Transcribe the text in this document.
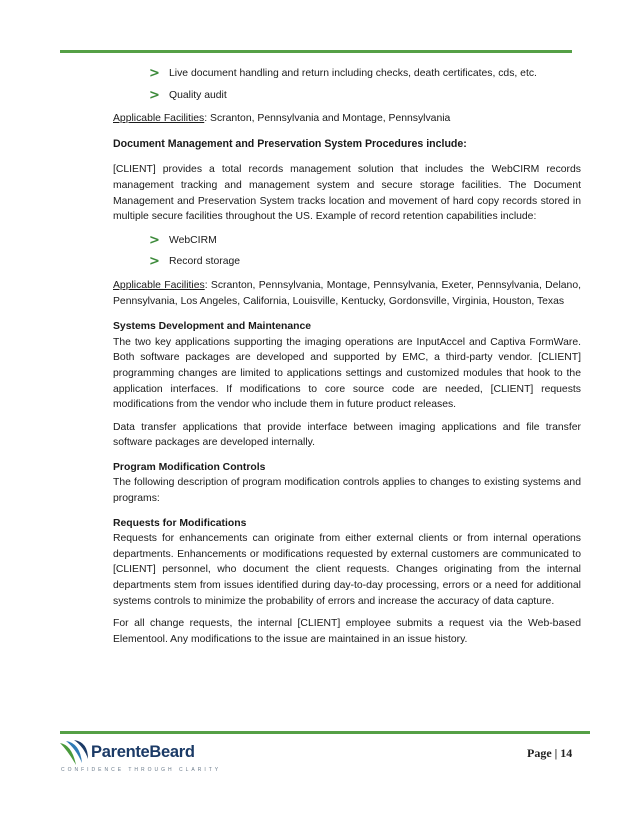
> Live document handling and return including checks, death certificates, cds, etc.
> Quality audit

Applicable Facilities: Scranton, Pennsylvania and Montage, Pennsylvania

Document Management and Preservation System Procedures include:

[CLIENT] provides a total records management solution that includes the WebCIRM records management tracking and management system and secure storage facilities. The Document Management and Preservation System tracks location and movement of hard copy records stored in multiple secure facilities throughout the US. Example of record retention capabilities include:

> WebCIRM
> Record storage

Applicable Facilities: Scranton, Pennsylvania, Montage, Pennsylvania, Exeter, Pennsylvania, Delano, Pennsylvania, Los Angeles, California, Louisville, Kentucky, Gordonsville, Virginia, Houston, Texas

Systems Development and Maintenance

The two key applications supporting the imaging operations are InputAccel and Captiva FormWare. Both software packages are developed and supported by EMC, a third-party vendor. [CLIENT] programming changes are limited to applications settings and customized modules that hook to the application interfaces. If modifications to core source code are needed, [CLIENT] requests modifications from the vendor who include them in future product releases.

Data transfer applications that provide interface between imaging applications and file transfer software packages are developed internally.

Program Modification Controls

The following description of program modification controls applies to changes to existing systems and programs:

Requests for Modifications

Requests for enhancements can originate from either external clients or from internal operations departments. Enhancements or modifications requested by external customers are communicated to [CLIENT] personnel, who document the client requests. Changes originating from the internal departments stem from issues identified during day-to-day processing, errors or a need for additional systems controls to minimize the probability of errors and increase the accuracy of data capture.

For all change requests, the internal [CLIENT] employee submits a request via the Web-based Elementool. Any modifications to the issue are maintained in an issue history.

ParenteBeard
CONFIDENCE THROUGH CLARITY
Page | 14
